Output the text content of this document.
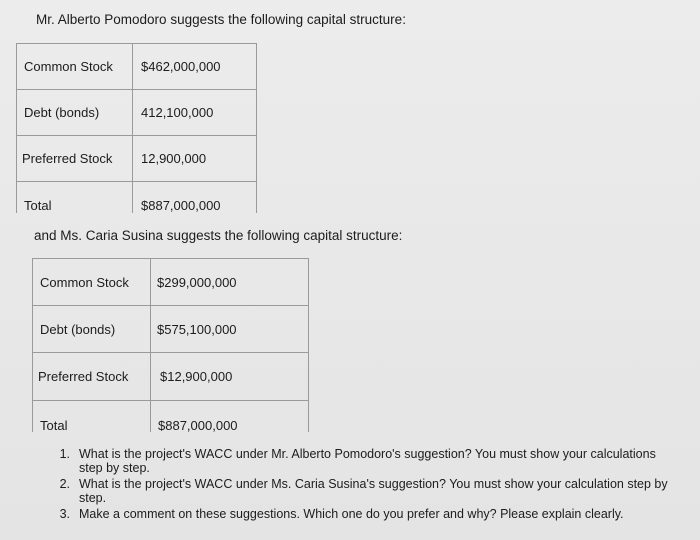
Mr. Alberto Pomodoro suggests the following capital structure:
Common Stock $462,000,000
Debt (bonds)	412,100,000
Preferred Stock 12,900,000
Total	$887,000,000
and Ms. Caria Susina suggests the following capital structure:
Common Stock $299,000,000
Debt (bonds)	$575,100,000
Preferred Stock $12,900,000
Total	$887,000,000
1. What is the project's WACC under Mr. Alberto Pomodoro's suggestion? You must show your calculations step by step.
2. What is the project's WACC under Ms. Caria Susina's suggestion? You must show your calculation step by step.
3. Make a comment on these suggestions. Which one do you prefer and why? Please explain clearly.
